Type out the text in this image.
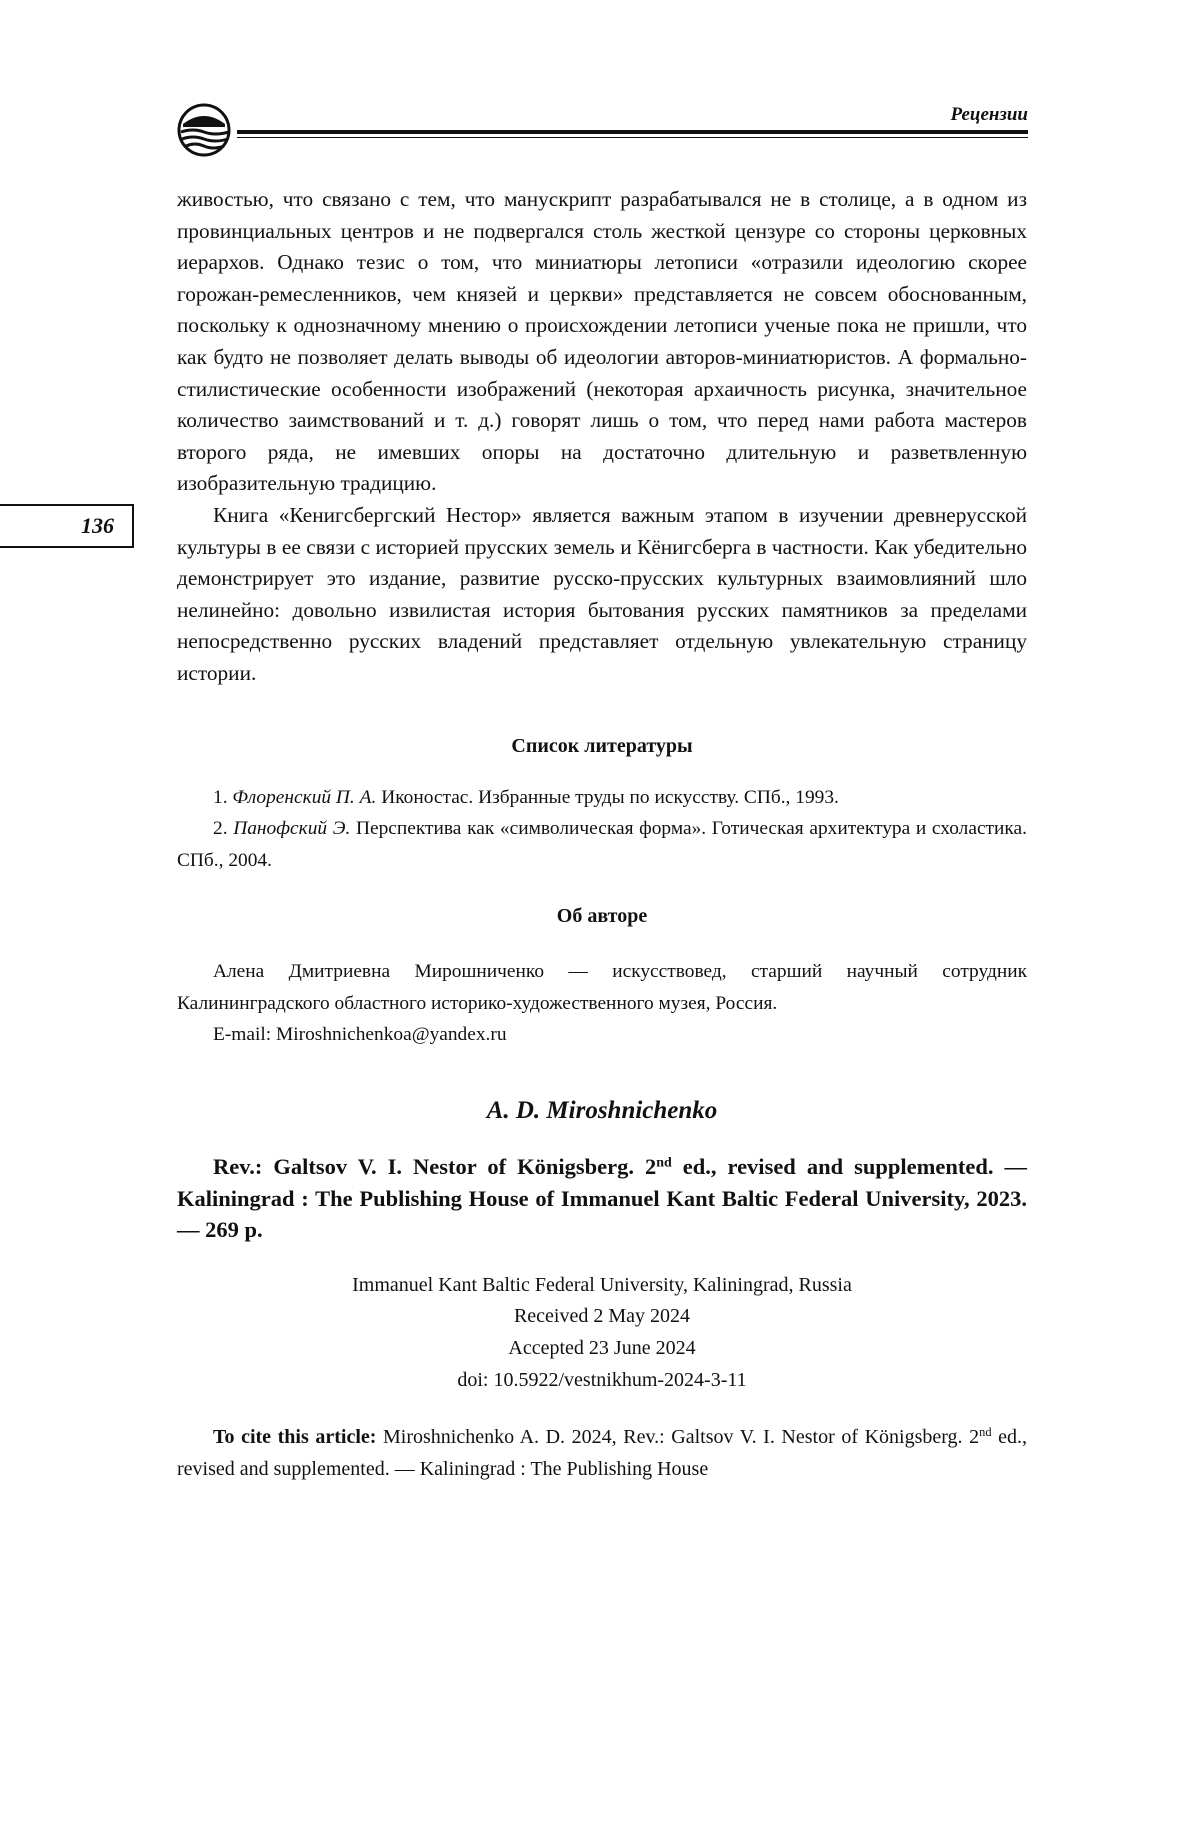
Рецензии
136

живостью, что связано с тем, что манускрипт разрабатывался не в столице, а в одном из провинциальных центров и не подвергался столь жесткой цензуре со стороны церковных иерархов. Однако тезис о том, что миниатюры летописи «отразили идеологию скорее горожан-ремесленников, чем князей и церкви» представляется не совсем обоснованным, поскольку к однозначному мнению о происхождении летописи ученые пока не пришли, что как будто не позволяет делать выводы об идеологии авторов-миниатюристов. А формально-стилистические особенности изображений (некоторая архаичность рисунка, значительное количество заимствований и т. д.) говорят лишь о том, что перед нами работа мастеров второго ряда, не имевших опоры на достаточно длительную и разветвленную изобразительную традицию.

Книга «Кенигсбергский Нестор» является важным этапом в изучении древнерусской культуры в ее связи с историей прусских земель и Кёнигсберга в частности. Как убедительно демонстрирует это издание, развитие русско-прусских культурных взаимовлияний шло нелинейно: довольно извилистая история бытования русских памятников за пределами непосредственно русских владений представляет отдельную увлекательную страницу истории.

Список литературы

1. Флоренский П. А. Иконостас. Избранные труды по искусству. СПб., 1993.

2. Панофский Э. Перспектива как «символическая форма». Готическая архитектура и схоластика. СПб., 2004.

Об авторе

Алена Дмитриевна Мирошниченко — искусствовед, старший научный сотрудник Калининградского областного историко-художественного музея, Россия.

E-mail: Miroshnichenkoa@yandex.ru

A. D. Miroshnichenko

Rev.: Galtsov V. I. Nestor of Königsberg. 2nd ed., revised and supplemented. — Kaliningrad : The Publishing House of Immanuel Kant Baltic Federal University, 2023. — 269 p.

Immanuel Kant Baltic Federal University, Kaliningrad, Russia
Received 2 May 2024
Accepted 23 June 2024
doi: 10.5922/vestnikhum-2024-3-11

To cite this article: Miroshnichenko A. D. 2024, Rev.: Galtsov V. I. Nestor of Königsberg. 2nd ed., revised and supplemented. — Kaliningrad : The Publishing House
